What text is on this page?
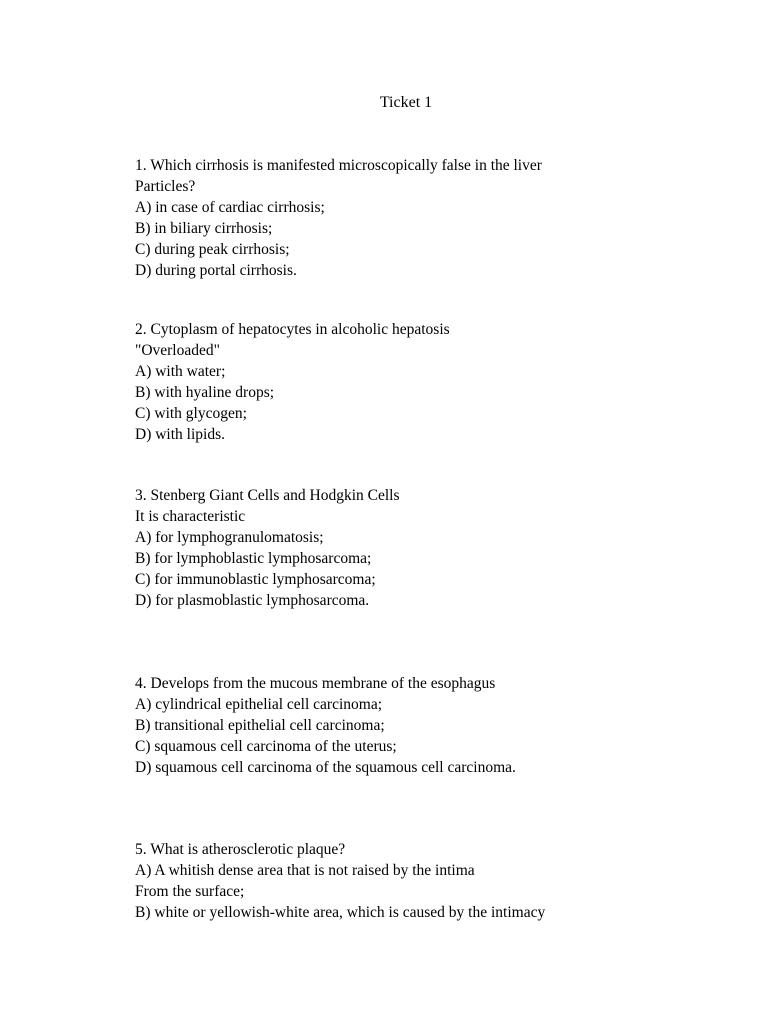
Ticket 1
1. Which cirrhosis is manifested microscopically false in the liver
Particles?
A) in case of cardiac cirrhosis;
B) in biliary cirrhosis;
C) during peak cirrhosis;
D) during portal cirrhosis.
2. Cytoplasm of hepatocytes in alcoholic hepatosis
"Overloaded"
A) with water;
B) with hyaline drops;
C) with glycogen;
D) with lipids.
3. Stenberg Giant Cells and Hodgkin Cells
It is characteristic
A) for lymphogranulomatosis;
B) for lymphoblastic lymphosarcoma;
C) for immunoblastic lymphosarcoma;
D) for plasmoblastic lymphosarcoma.
4. Develops from the mucous membrane of the esophagus
A) cylindrical epithelial cell carcinoma;
B) transitional epithelial cell carcinoma;
C) squamous cell carcinoma of the uterus;
D) squamous cell carcinoma of the squamous cell carcinoma.
5. What is atherosclerotic plaque?
A) A whitish dense area that is not raised by the intima
From the surface;
B) white or yellowish-white area, which is caused by the intimacy
